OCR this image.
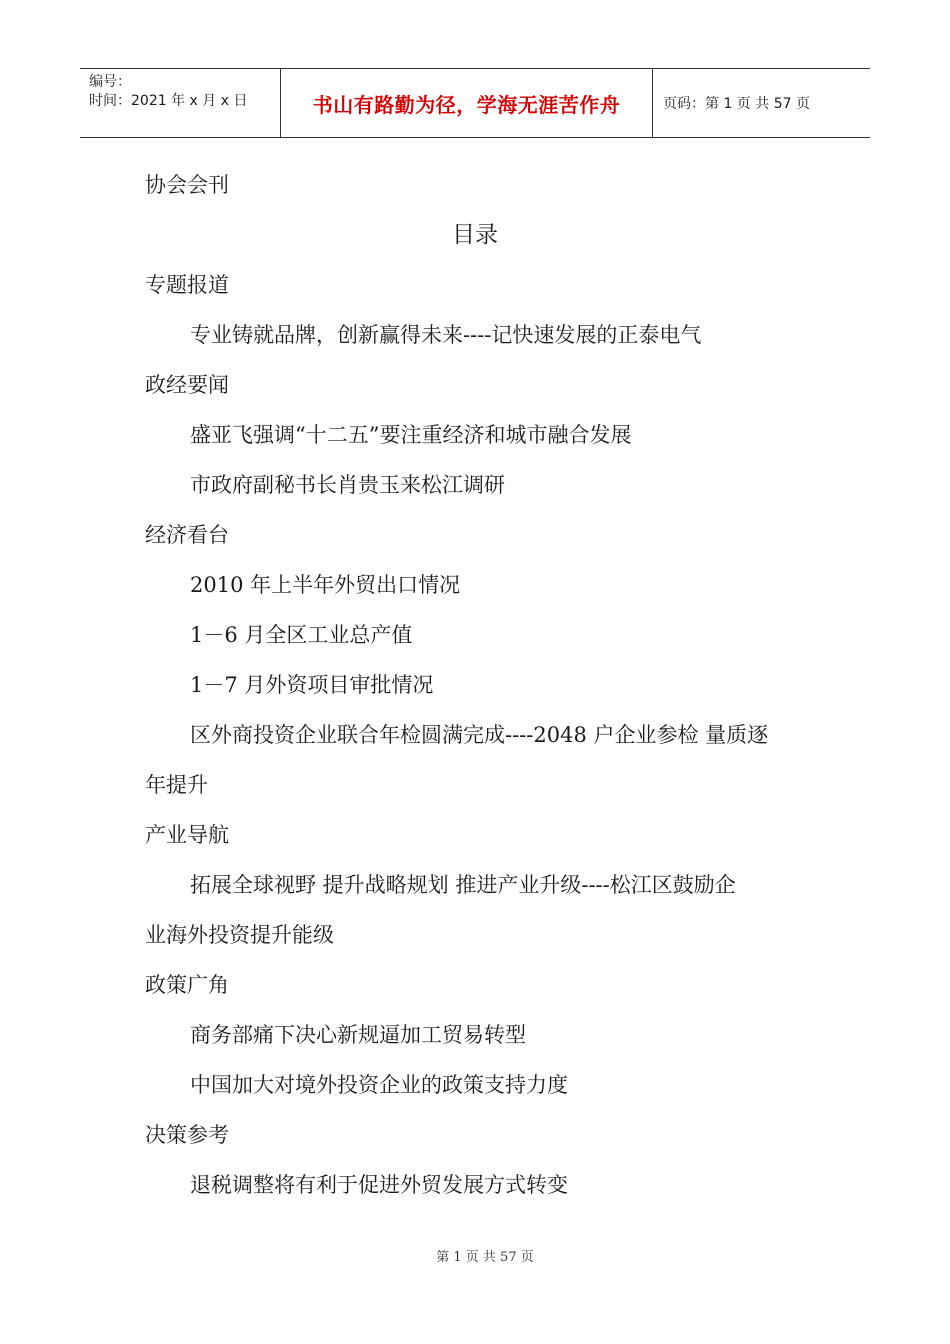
编号：
时间：2021 年 x 月 x 日	书山有路勤为径，学海无涯苦作舟	页码：第 1 页 共 57 页
协会会刊
目录
专题报道
专业铸就品牌，创新赢得未来----记快速发展的正泰电气
政经要闻
盛亚飞强调“十二五”要注重经济和城市融合发展
市政府副秘书长肖贵玉来松江调研
经济看台
2010 年上半年外贸出口情况
1－6 月全区工业总产值
1－7 月外资项目审批情况
区外商投资企业联合年检圆满完成----2048 户企业参检 量质逐
年提升
产业导航
拓展全球视野 提升战略规划 推进产业升级----松江区鼓励企
业海外投资提升能级
政策广角
商务部痛下决心新规逼加工贸易转型
中国加大对境外投资企业的政策支持力度
决策参考
退税调整将有利于促进外贸发展方式转变
第 1 页 共 57 页
